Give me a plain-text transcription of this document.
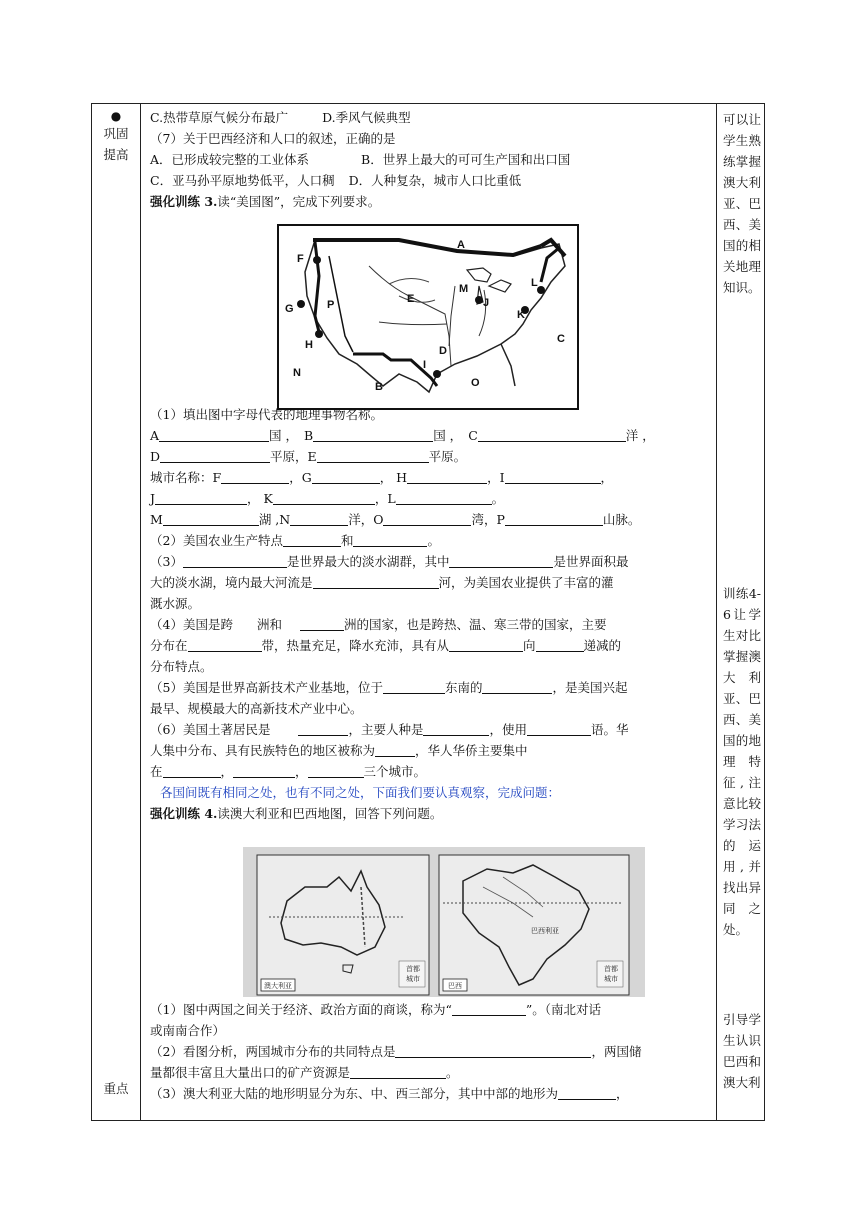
●
巩固
提高
重点
可以让学生熟练掌握澳大利亚、巴西、美国的相关地理知识。
训练4-6让学生对比掌握澳大利亚、巴西、美国的地理特征,注意比较学习法的运用,并找出异同之处。
引导学生认识巴西和澳大利
C.热带草原气候分布最广	D.季风气候典型
（7）关于巴西经济和人口的叙述，正确的是
A．已形成较完整的工业体系	B．世界上最大的可可生产国和出口国
C．亚马孙平原地势低平，人口稠 D．人种复杂，城市人口比重低
强化训练 3.读“美国图”，完成下列要求。
A
B
C
D
E
F
G
H
I
J
K
L
M
N
O
P
（1）填出图中字母代表的地理事物名称。
A	国 ， B	国 ， C	洋 ，
D	平原，E	平原。
城市名称：F	，G	， H	，I	，
J	， K	，L	。
M	湖 ,N	洋，O	湾，P	山脉。
（2）美国农业生产特点	和	。
（3）	是世界最大的淡水湖群，其中	是世界面积最
大的淡水湖，境内最大河流是	河，为美国农业提供了丰富的灌
溉水源。
（4）美国是跨 洲和	洲的国家，也是跨热、温、寒三带的国家，主要
分布在	带，热量充足，降水充沛，具有从	向	递减的
分布特点。
（5）美国是世界高新技术产业基地，位于	东南的	，是美国兴起
最早、规模最大的高新技术产业中心。
（6）美国土著居民是	，主要人种是	，使用	语。华
人集中分布、具有民族特色的地区被称为	，华人华侨主要集中
在	，	，	三个城市。
各国间既有相同之处，也有不同之处，下面我们要认真观察，完成问题：
强化训练 4.读澳大利亚和巴西地图，回答下列问题。
澳大利亚
首都
城市
巴西利亚
巴西
首都
城市
（1）图中两国之间关于经济、政治方面的商谈，称为“	”。（南北对话
或南南合作）
（2）看图分析，两国城市分布的共同特点是	，两国储
量都很丰富且大量出口的矿产资源是	。
（3）澳大利亚大陆的地形明显分为东、中、西三部分，其中中部的地形为	，
